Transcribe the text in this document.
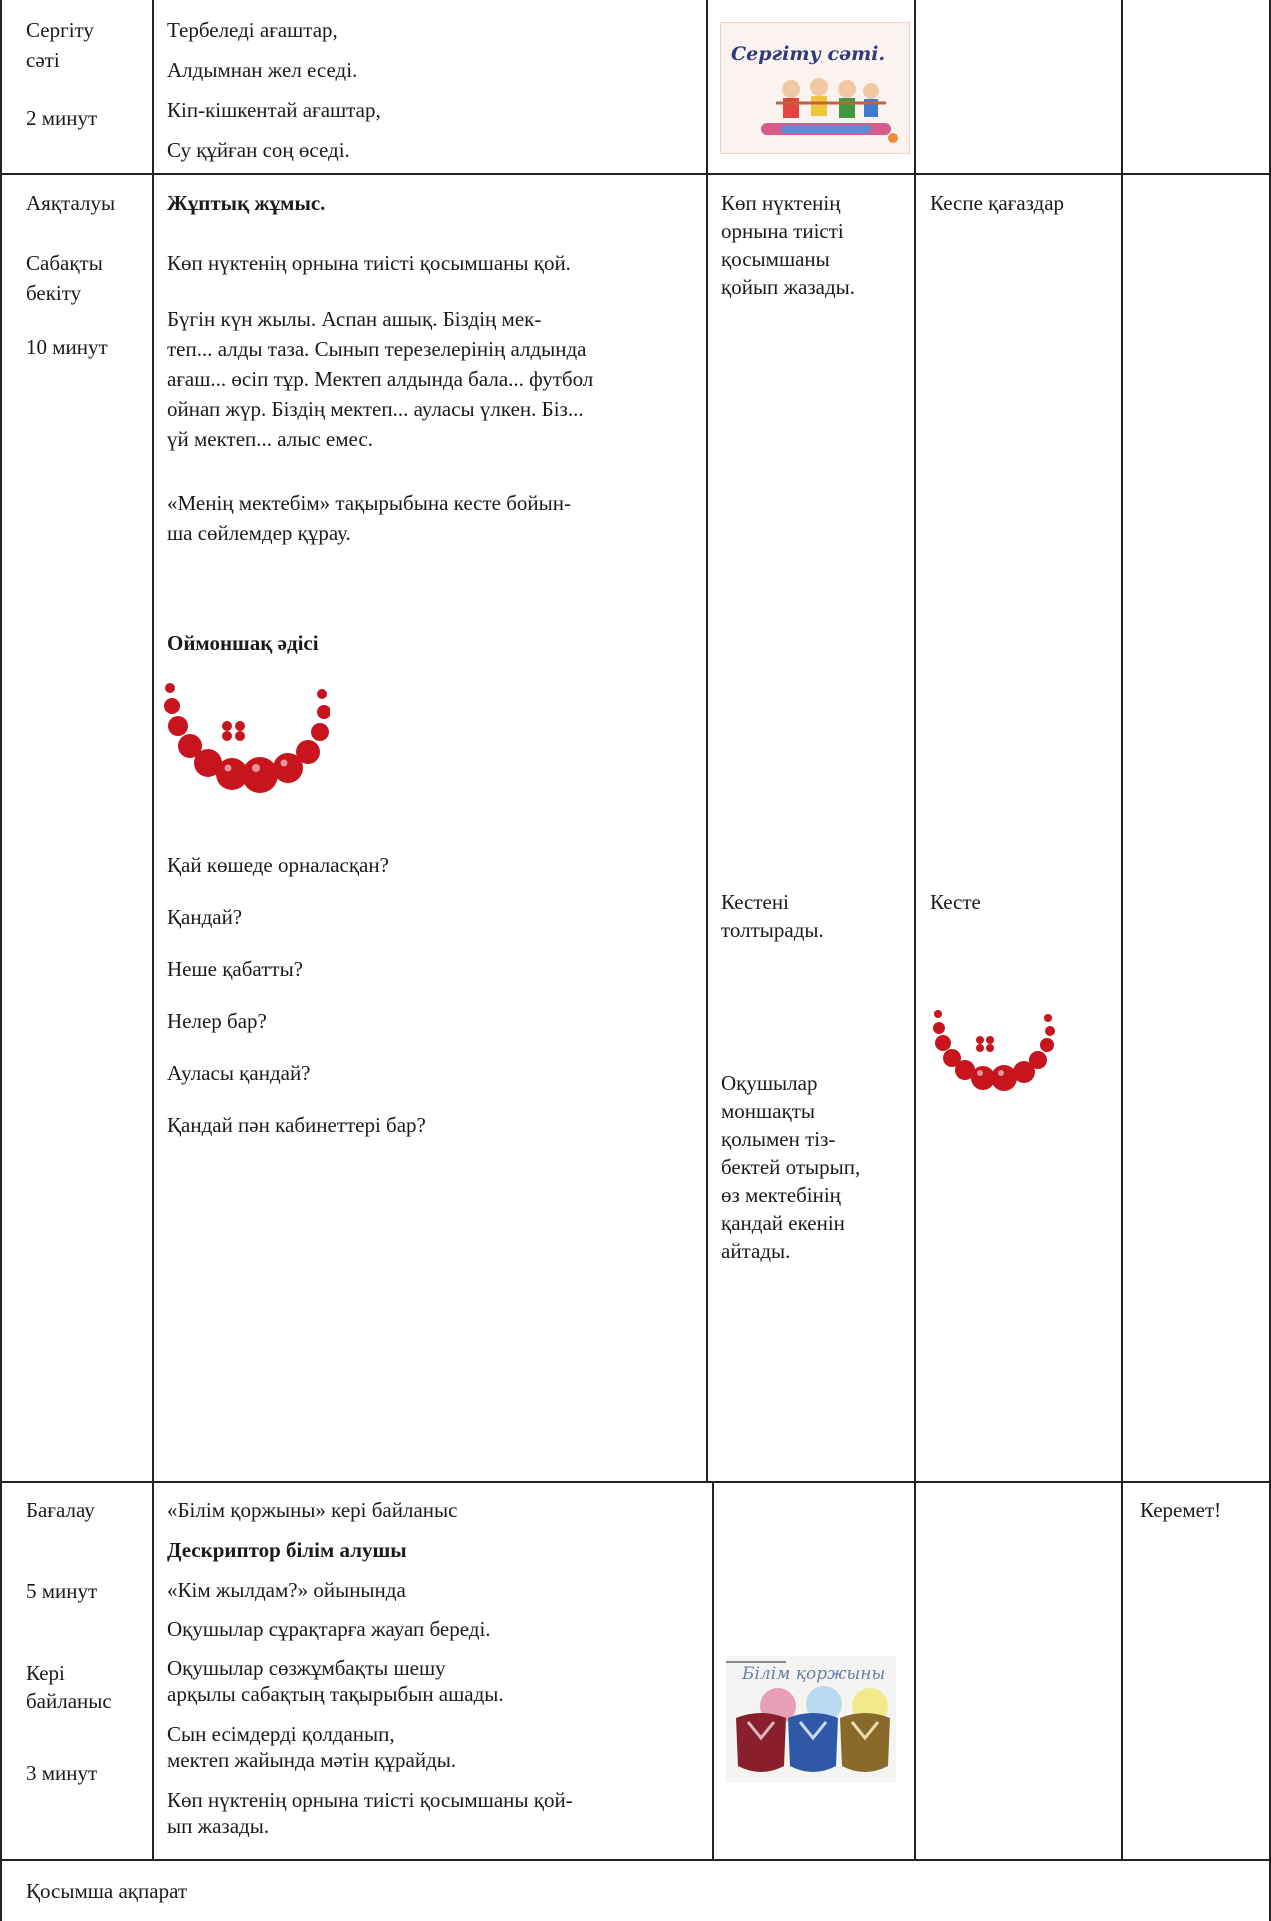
Сергіту
сәті
2 минут
Тербеледі ағаштар,
Алдымнан жел еседі.
Кіп-кішкентай ағаштар,
Су құйған соң өседі.
Сергіту сәті.
Аяқталуы
Сабақты
бекіту
10 минут
Жұптық жұмыс.
Көп нүктенің орнына тиісті қосымшаны қой.
Бүгін күн жылы. Аспан ашық. Біздің мек-
теп... алды таза. Сынып терезелерінің алдында
ағаш... өсіп тұр. Мектеп алдында бала... футбол
ойнап жүр. Біздің мектеп... ауласы үлкен. Біз...
үй мектеп... алыс емес.
«Менің мектебім» тақырыбына кесте бойын-
ша сөйлемдер құрау.
Оймоншақ әдісі
Қай көшеде орналасқан?
Қандай?
Неше қабатты?
Нелер бар?
Ауласы қандай?
Қандай пән кабинеттері бар?
Көп нүктенің
орнына тиісті
қосымшаны
қойып жазады.
Кестені
толтырады.
Оқушылар
моншақты
қолымен тіз-
бектей отырып,
өз мектебінің
қандай екенін
айтады.
Кеспе қағаздар
Кесте
Бағалау
5 минут
Кері
байланыс
3 минут
«Білім қоржыны» кері байланыс
Дескриптор білім алушы
«Кім жылдам?» ойынында
Оқушылар сұрақтарға жауап береді.
Оқушылар сөзжұмбақты шешу
арқылы сабақтың тақырыбын ашады.
Сын есімдерді қолданып,
мектеп жайында мәтін құрайды.
Көп нүктенің орнына тиісті қосымшаны қой-
ып жазады.
Білім қоржыны
Керемет!
Қосымша ақпарат
